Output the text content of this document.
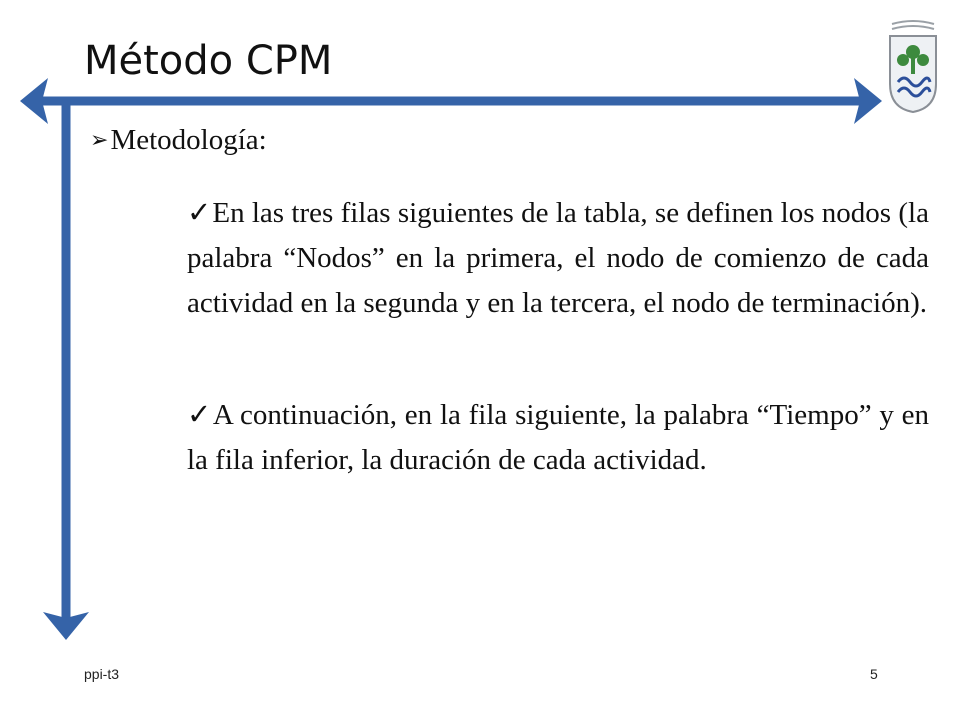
Método CPM
➢Metodología:
✓En las tres filas siguientes de la tabla, se definen los nodos (la palabra “Nodos” en la primera, el nodo de comienzo de cada actividad en la segunda y en la tercera, el nodo de terminación).
✓A continuación, en la fila siguiente, la palabra “Tiempo” y en la fila inferior, la duración de cada actividad.
ppi-t3	5
